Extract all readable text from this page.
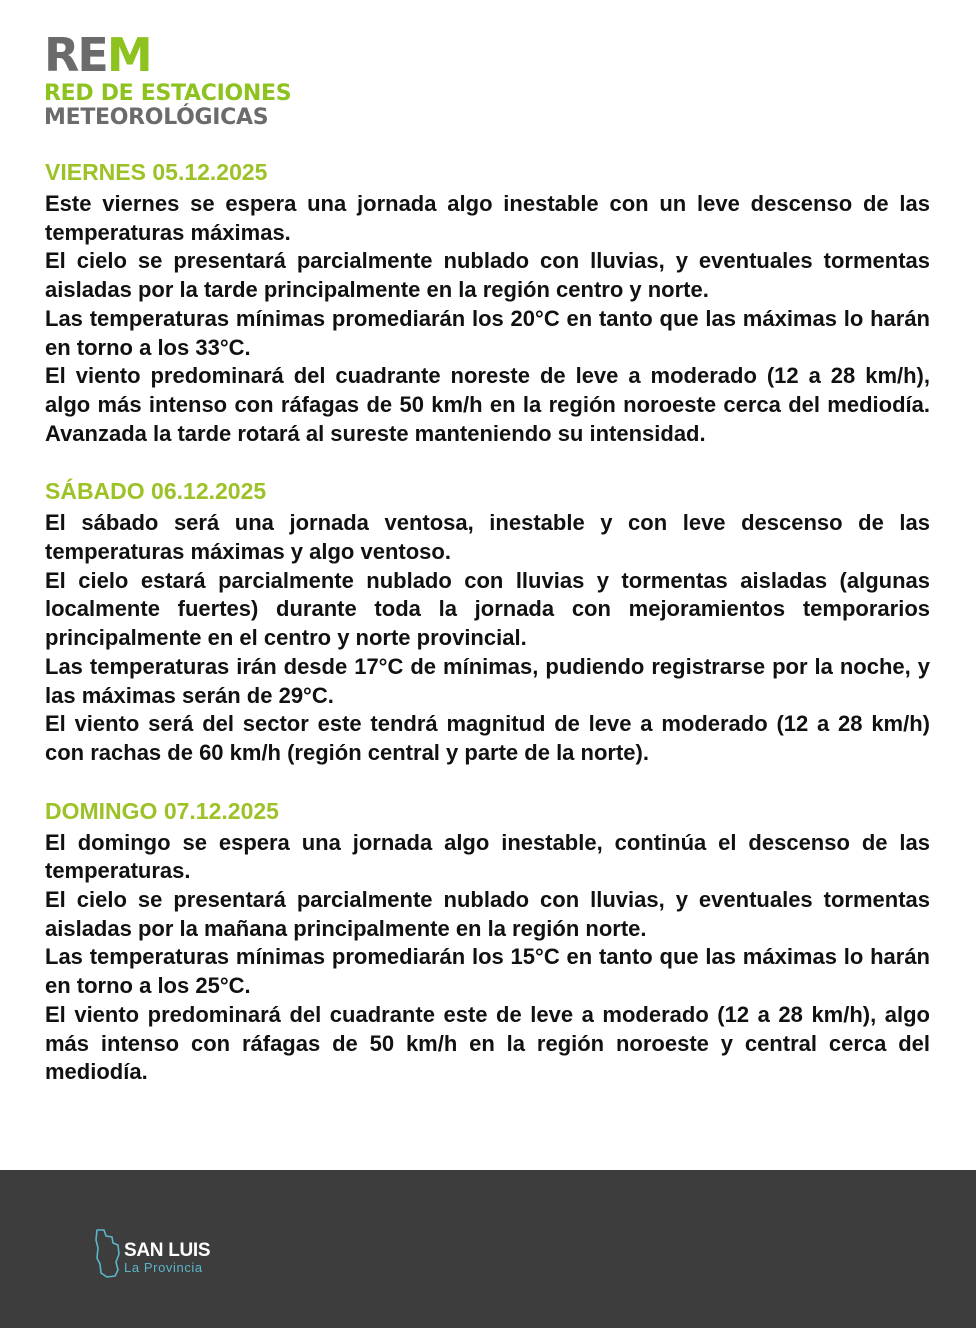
REM
RED DE ESTACIONES
METEOROLÓGICAS
VIERNES 05.12.2025

Este viernes se espera una jornada algo inestable con un leve descenso de las temperaturas máximas.

El cielo se presentará parcialmente nublado con lluvias, y eventuales tormentas aisladas por la tarde principalmente en la región centro y norte.

Las temperaturas mínimas promediarán los 20°C en tanto que las máximas lo harán en torno a los 33°C.

El viento predominará del cuadrante noreste de leve a moderado (12 a 28 km/h), algo más intenso con ráfagas de 50 km/h en la región noroeste cerca del mediodía. Avanzada la tarde rotará al sureste manteniendo su intensidad.

SÁBADO 06.12.2025

El sábado será una jornada ventosa, inestable y con leve descenso de las temperaturas máximas y algo ventoso.

El cielo estará parcialmente nublado con lluvias y tormentas aisladas (algunas localmente fuertes) durante toda la jornada con mejoramientos temporarios principalmente en el centro y norte provincial.

Las temperaturas irán desde 17°C de mínimas, pudiendo registrarse por la noche, y las máximas serán de 29°C.

El viento será del sector este tendrá magnitud de leve a moderado (12 a 28 km/h) con rachas de 60 km/h (región central y parte de la norte).

DOMINGO 07.12.2025

El domingo se espera una jornada algo inestable, continúa el descenso de las temperaturas.

El cielo se presentará parcialmente nublado con lluvias, y eventuales tormentas aisladas por la mañana principalmente en la región norte.

Las temperaturas mínimas promediarán los 15°C en tanto que las máximas lo harán en torno a los 25°C.

El viento predominará del cuadrante este de leve a moderado (12 a 28 km/h), algo más intenso con ráfagas de 50 km/h en la región noroeste y central cerca del mediodía.

SAN LUIS
La Provincia
